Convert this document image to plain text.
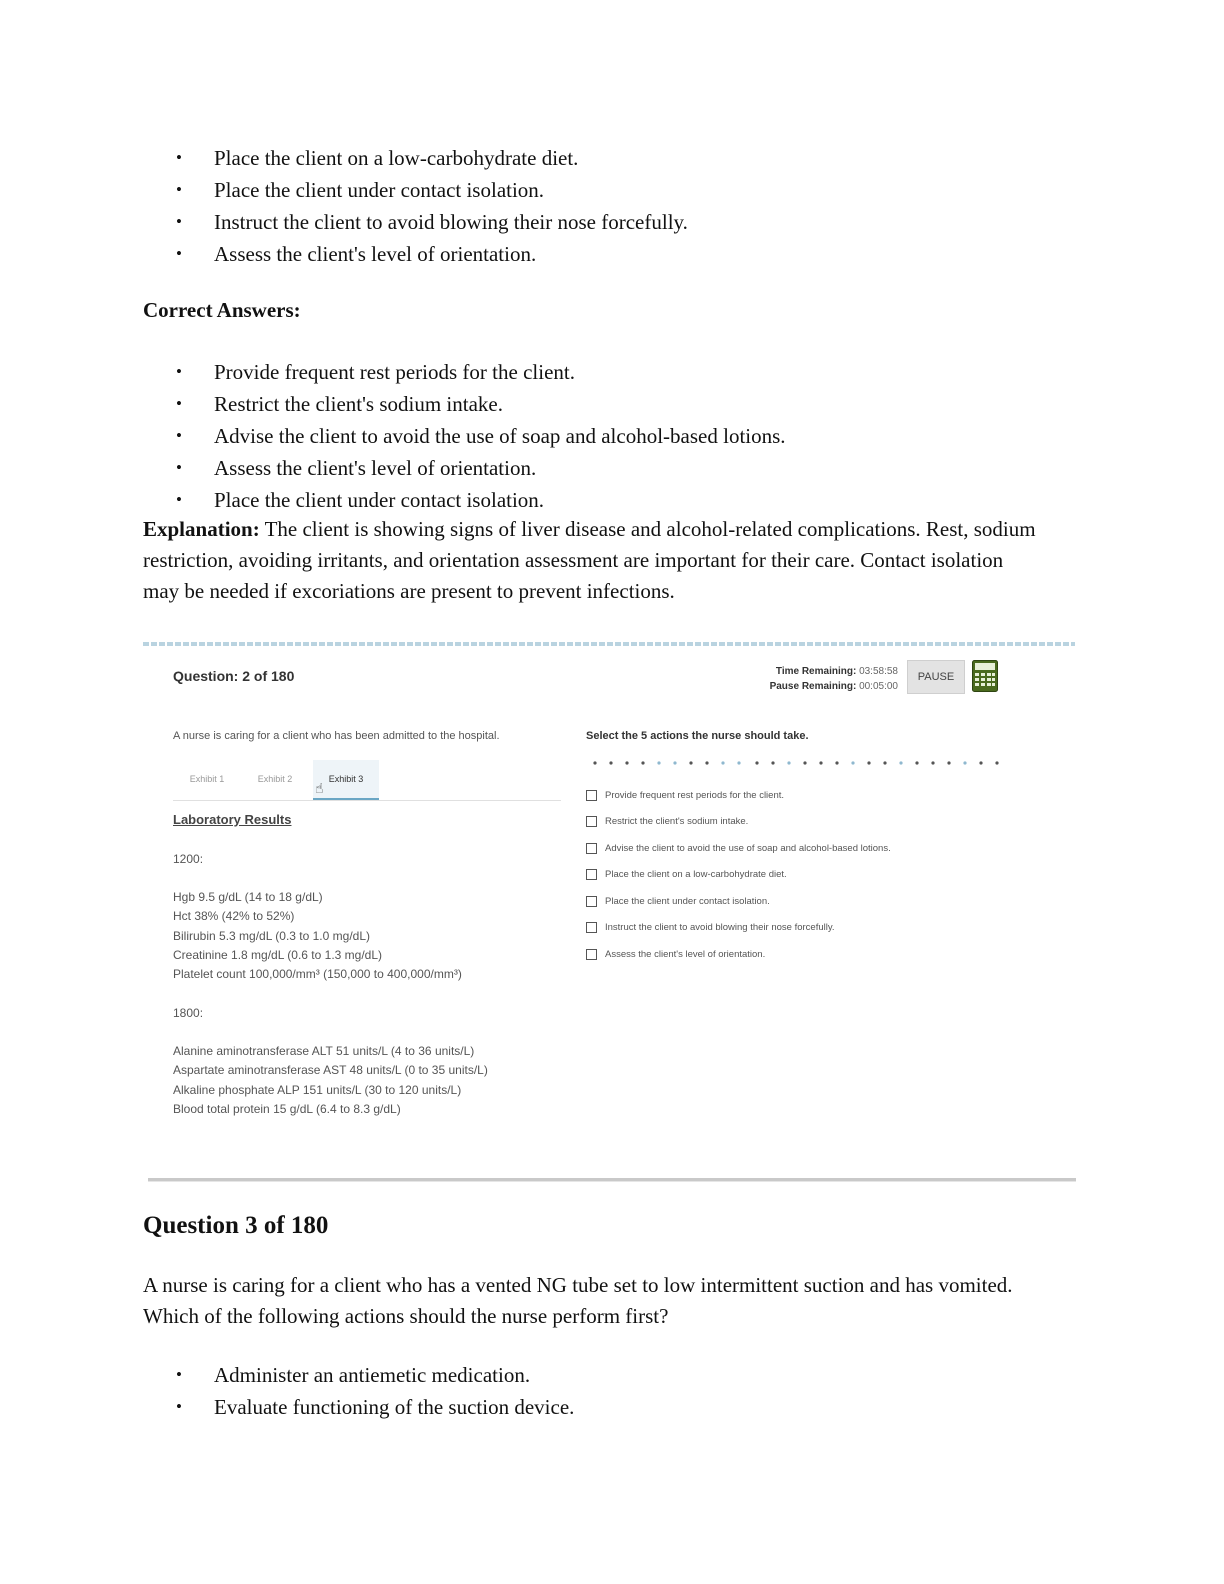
• Place the client on a low-carbohydrate diet.
• Place the client under contact isolation.
• Instruct the client to avoid blowing their nose forcefully.
• Assess the client's level of orientation.
Correct Answers:
• Provide frequent rest periods for the client.
• Restrict the client's sodium intake.
• Advise the client to avoid the use of soap and alcohol-based lotions.
• Assess the client's level of orientation.
• Place the client under contact isolation.
Explanation: The client is showing signs of liver disease and alcohol-related complications. Rest, sodium restriction, avoiding irritants, and orientation assessment are important for their care. Contact isolation may be needed if excoriations are present to prevent infections.
Question: 2 of 180	Time Remaining: 03:58:58
Pause Remaining: 00:05:00
PAUSE
A nurse is caring for a client who has been admitted to the hospital.
Exhibit 1	Exhibit 2	Exhibit 3
☝
Laboratory Results
1200:
Hgb 9.5 g/dL (14 to 18 g/dL)
Hct 38% (42% to 52%)
Bilirubin 5.3 mg/dL (0.3 to 1.0 mg/dL)
Creatinine 1.8 mg/dL (0.6 to 1.3 mg/dL)
Platelet count 100,000/mm³ (150,000 to 400,000/mm³)
1800:
Alanine aminotransferase ALT 51 units/L (4 to 36 units/L)
Aspartate aminotransferase AST 48 units/L (0 to 35 units/L)
Alkaline phosphate ALP 151 units/L (30 to 120 units/L)
Blood total protein 15 g/dL (6.4 to 8.3 g/dL)
Select the 5 actions the nurse should take.
Provide frequent rest periods for the client.
Restrict the client's sodium intake.
Advise the client to avoid the use of soap and alcohol-based lotions.
Place the client on a low-carbohydrate diet.
Place the client under contact isolation.
Instruct the client to avoid blowing their nose forcefully.
Assess the client's level of orientation.
Question 3 of 180
A nurse is caring for a client who has a vented NG tube set to low intermittent suction and has vomited. Which of the following actions should the nurse perform first?
• Administer an antiemetic medication.
• Evaluate functioning of the suction device.
